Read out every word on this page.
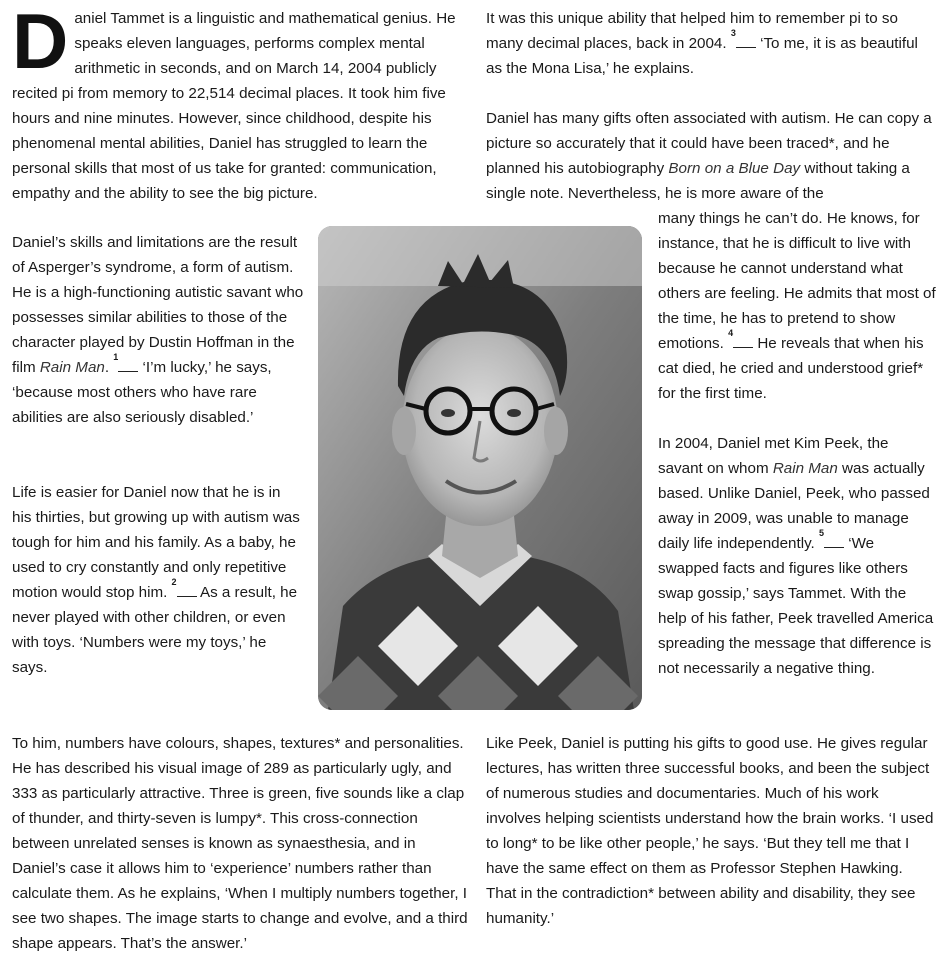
Daniel Tammet is a linguistic and mathematical genius. He speaks eleven languages, performs complex mental arithmetic in seconds, and on March 14, 2004 publicly recited pi from memory to 22,514 decimal places. It took him five hours and nine minutes. However, since childhood, despite his phenomenal mental abilities, Daniel has struggled to learn the personal skills that most of us take for granted: communication, empathy and the ability to see the big picture.
Daniel’s skills and limitations are the result of Asperger’s syndrome, a form of autism. He is a high-functioning autistic savant who possesses similar abilities to those of the character played by Dustin Hoffman in the film Rain Man. $^1$ ‘I’m lucky,’ he says, ‘because most others who have rare abilities are also seriously disabled.’
Life is easier for Daniel now that he is in his thirties, but growing up with autism was tough for him and his family. As a baby, he used to cry constantly and only repetitive motion would stop him. $^2$ As a result, he never played with other children, or even with toys. ‘Numbers were my toys,’ he says.
To him, numbers have colours, shapes, textures* and personalities. He has described his visual image of 289 as particularly ugly, and 333 as particularly attractive. Three is green, five sounds like a clap of thunder, and thirty-seven is lumpy*. This cross-connection between unrelated senses is known as synaesthesia, and in Daniel’s case it allows him to ‘experience’ numbers rather than calculate them. As he explains, ‘When I multiply numbers together, I see two shapes. The image starts to change and evolve, and a third shape appears. That’s the answer.’
It was this unique ability that helped him to remember pi to so many decimal places, back in 2004. $^3$ ‘To me, it is as beautiful as the Mona Lisa,’ he explains.
Daniel has many gifts often associated with autism. He can copy a picture so accurately that it could have been traced*, and he planned his autobiography Born on a Blue Day without taking a single note. Nevertheless, he is more aware of the
many things he can’t do. He knows, for instance, that he is difficult to live with because he cannot understand what others are feeling. He admits that most of the time, he has to pretend to show emotions. $^4$ He reveals that when his cat died, he cried and understood grief* for the first time.
In 2004, Daniel met Kim Peek, the savant on whom Rain Man was actually based. Unlike Daniel, Peek, who passed away in 2009, was unable to manage daily life independently. $^5$ ‘We swapped facts and figures like others swap gossip,’ says Tammet. With the help of his father, Peek travelled America spreading the message that difference is not necessarily a negative thing.
Like Peek, Daniel is putting his gifts to good use. He gives regular lectures, has written three successful books, and been the subject of numerous studies and documentaries. Much of his work involves helping scientists understand how the brain works. ‘I used to long* to be like other people,’ he says. ‘But they tell me that I have the same effect on them as Professor Stephen Hawking. That in the contradiction* between ability and disability, they see humanity.’
